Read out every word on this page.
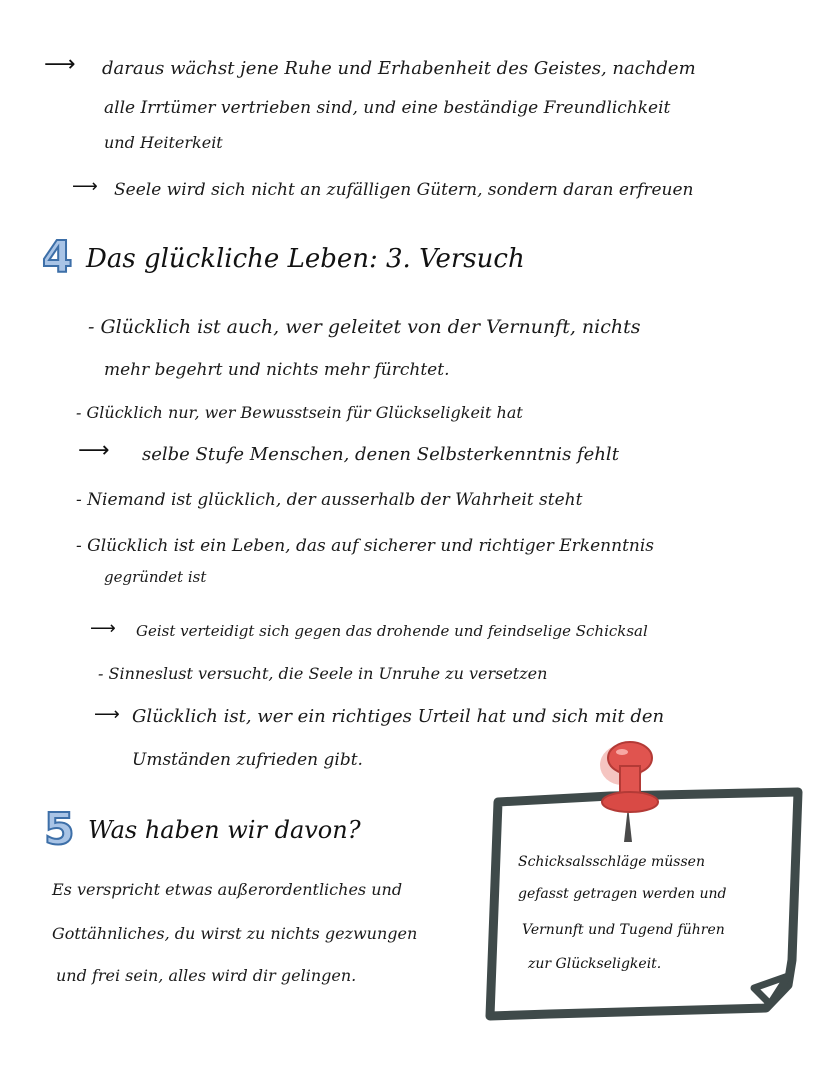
⟶ daraus wächst jene Ruhe und Erhabenheit des Geistes, nachdem
alle Irrtümer vertrieben sind, und eine beständige Freundlichkeit
und Heiterkeit
⟶ Seele wird sich nicht an zufälligen Gütern, sondern daran erfreuen
4 Das glückliche Leben: 3. Versuch
- Glücklich ist auch, wer geleitet von der Vernunft, nichts
mehr begehrt und nichts mehr fürchtet.
- Glücklich nur, wer Bewusstsein für Glückseligkeit hat
⟶ selbe Stufe Menschen, denen Selbsterkenntnis fehlt
- Niemand ist glücklich, der ausserhalb der Wahrheit steht
- Glücklich ist ein Leben, das auf sicherer und richtiger Erkenntnis
gegründet ist
⟶ Geist verteidigt sich gegen das drohende und feindselige Schicksal
- Sinneslust versucht, die Seele in Unruhe zu versetzen
⟶ Glücklich ist, wer ein richtiges Urteil hat und sich mit den
Umständen zufrieden gibt.
5 Was haben wir davon?
Es verspricht etwas außerordentliches und
Gottähnliches, du wirst zu nichts gezwungen
und frei sein, alles wird dir gelingen.
Schicksalsschläge müssen
gefasst getragen werden und
Vernunft und Tugend führen
zur Glückseligkeit.
